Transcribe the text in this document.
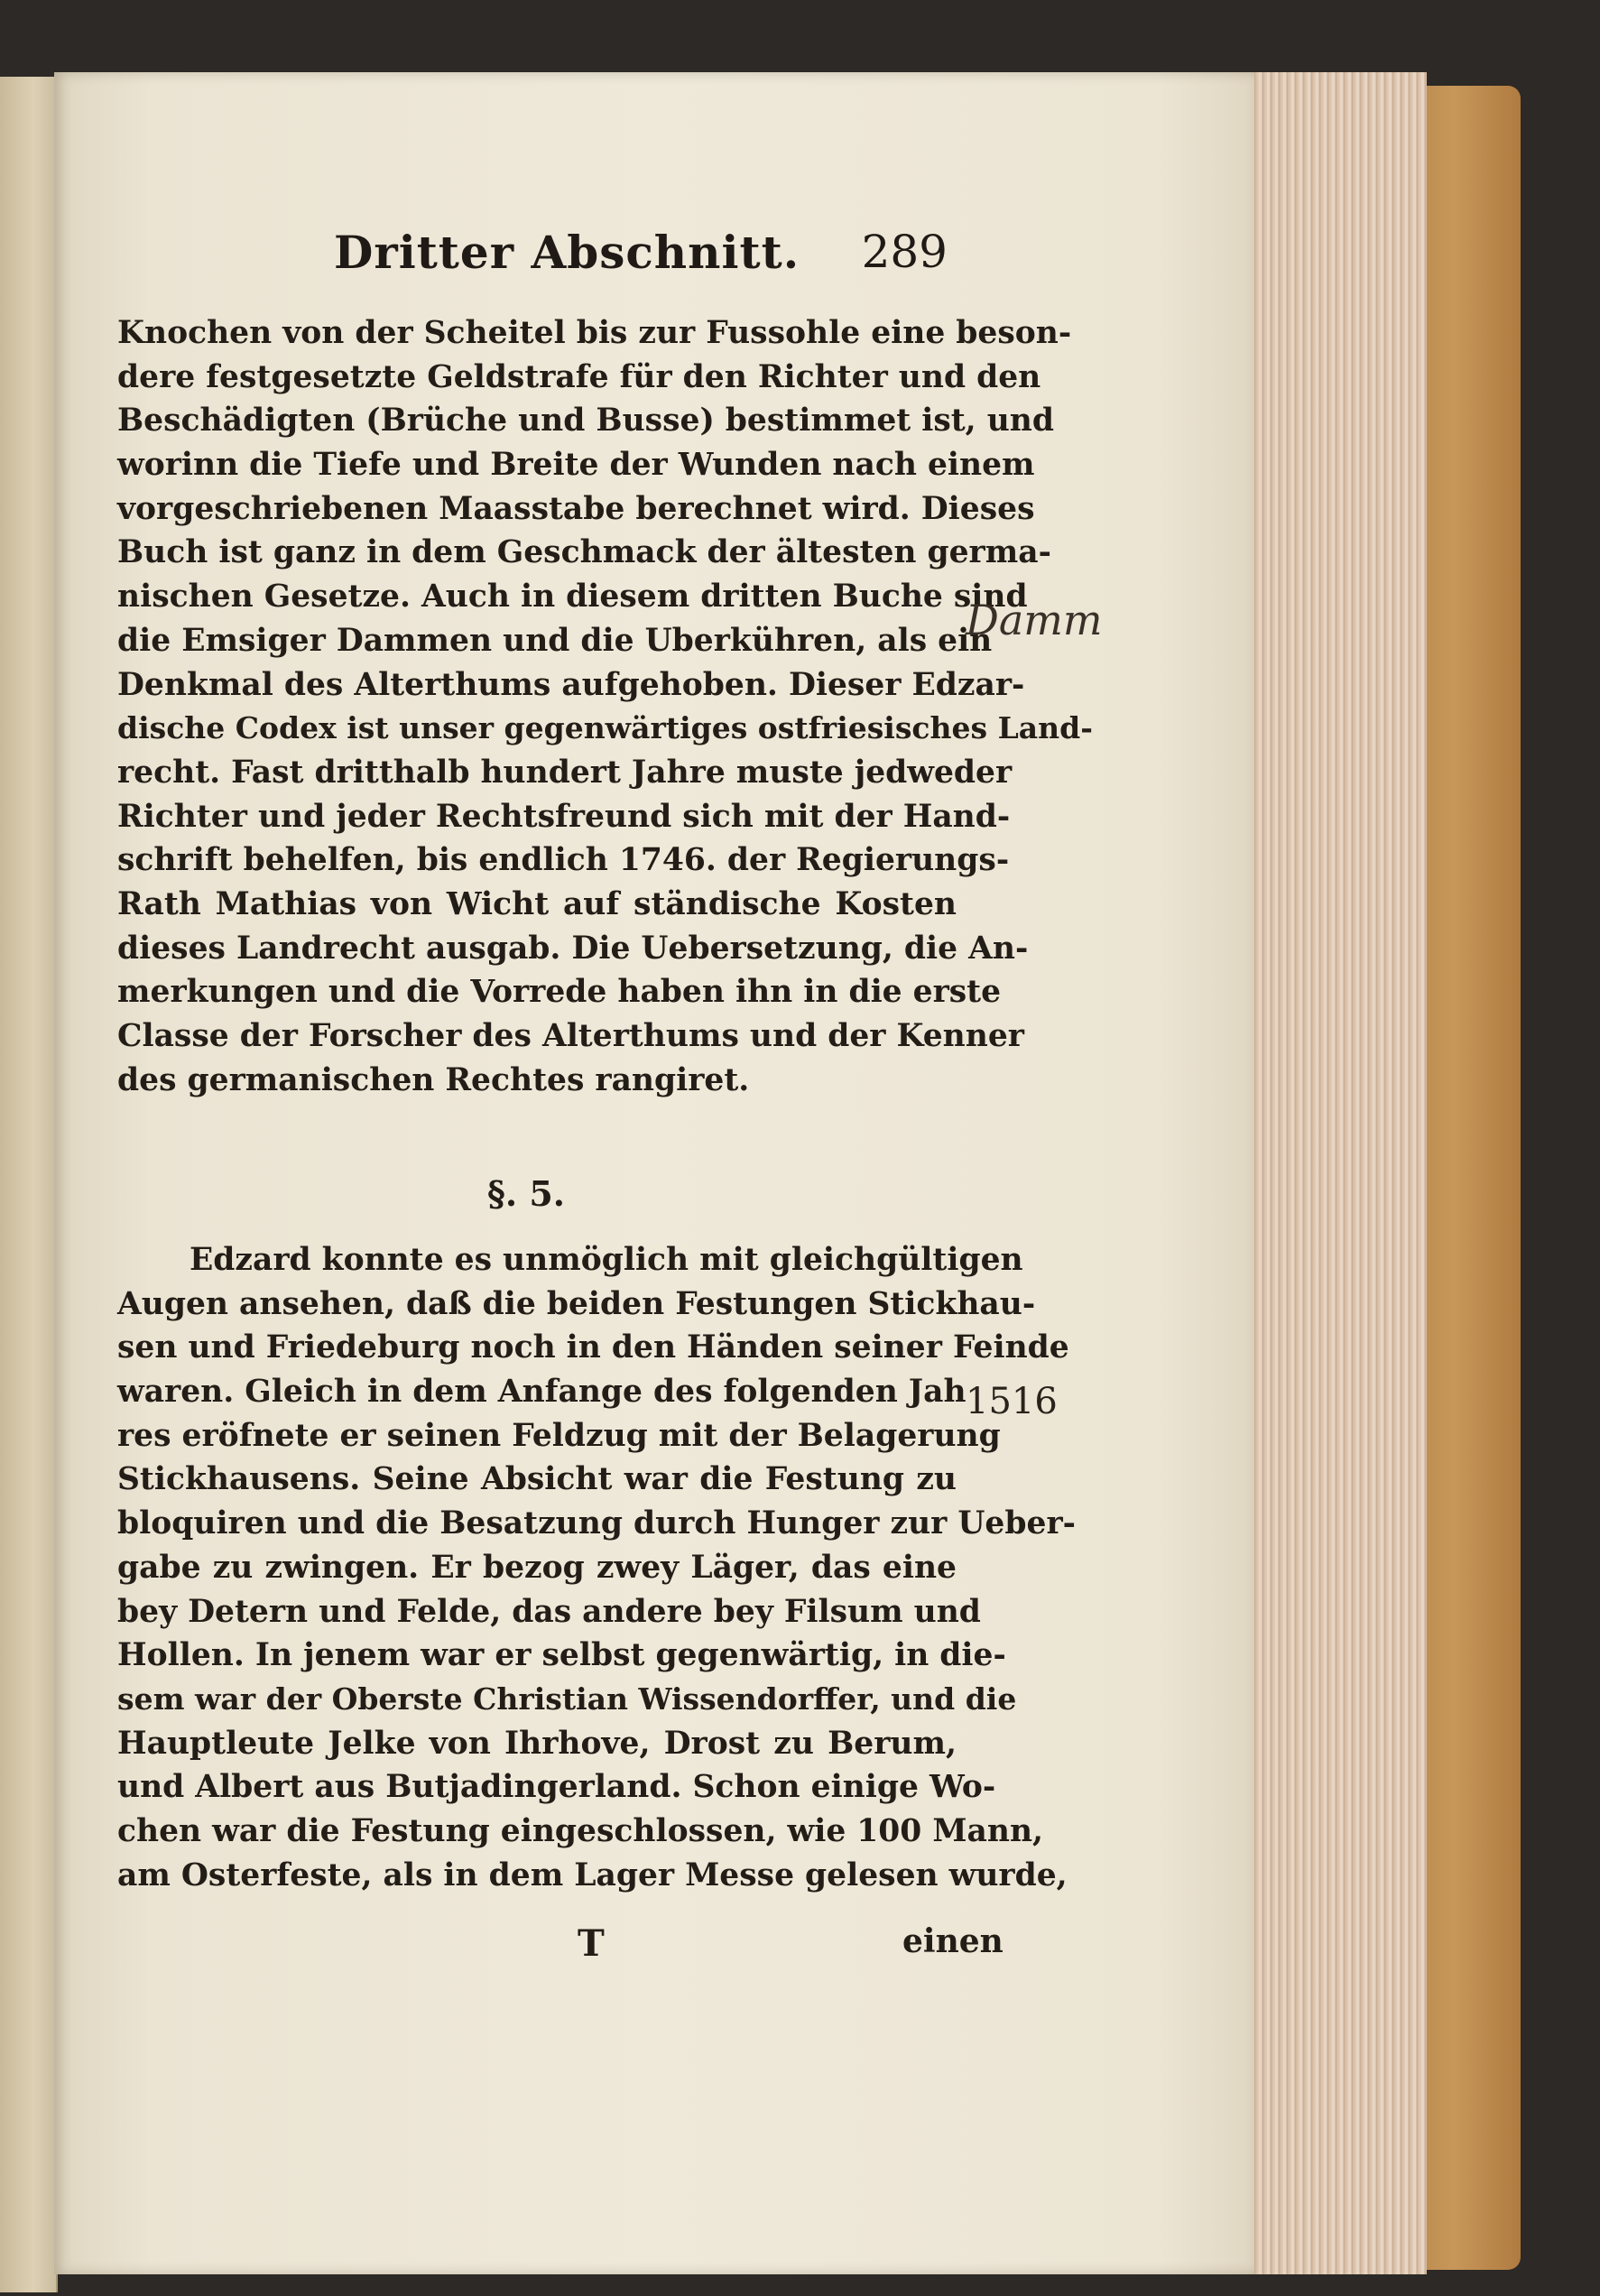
Dritter Abschnitt. 289
Knochen von der Scheitel bis zur Fussohle eine beson-
dere festgesetzte Geldstrafe für den Richter und den
Beschädigten (Brüche und Busse) bestimmet ist, und
worinn die Tiefe und Breite der Wunden nach einem
vorgeschriebenen Maasstabe berechnet wird. Dieses
Buch ist ganz in dem Geschmack der ältesten germa-
nischen Gesetze. Auch in diesem dritten Buche sind
die Emsiger Dammen und die Uberkühren, als ein
Denkmal des Alterthums aufgehoben. Dieser Edzar-
dische Codex ist unser gegenwärtiges ostfriesisches Land-
recht. Fast dritthalb hundert Jahre muste jedweder
Richter und jeder Rechtsfreund sich mit der Hand-
schrift behelfen, bis endlich 1746. der Regierungs-
Rath Mathias von Wicht auf ständische Kosten
dieses Landrecht ausgab. Die Uebersetzung, die An-
merkungen und die Vorrede haben ihn in die erste
Classe der Forscher des Alterthums und der Kenner
des germanischen Rechtes rangiret.
§. 5.
Edzard konnte es unmöglich mit gleichgültigen
Augen ansehen, daß die beiden Festungen Stickhau-
sen und Friedeburg noch in den Händen seiner Feinde
waren. Gleich in dem Anfange des folgenden Jah
res eröfnete er seinen Feldzug mit der Belagerung
Stickhausens. Seine Absicht war die Festung zu
bloquiren und die Besatzung durch Hunger zur Ueber-
gabe zu zwingen. Er bezog zwey Läger, das eine
bey Detern und Felde, das andere bey Filsum und
Hollen. In jenem war er selbst gegenwärtig, in die-
sem war der Oberste Christian Wissendorffer, und die
Hauptleute Jelke von Ihrhove, Drost zu Berum,
und Albert aus Butjadingerland. Schon einige Wo-
chen war die Festung eingeschlossen, wie 100 Mann,
am Osterfeste, als in dem Lager Messe gelesen wurde,
Damm
1516
T	einen
